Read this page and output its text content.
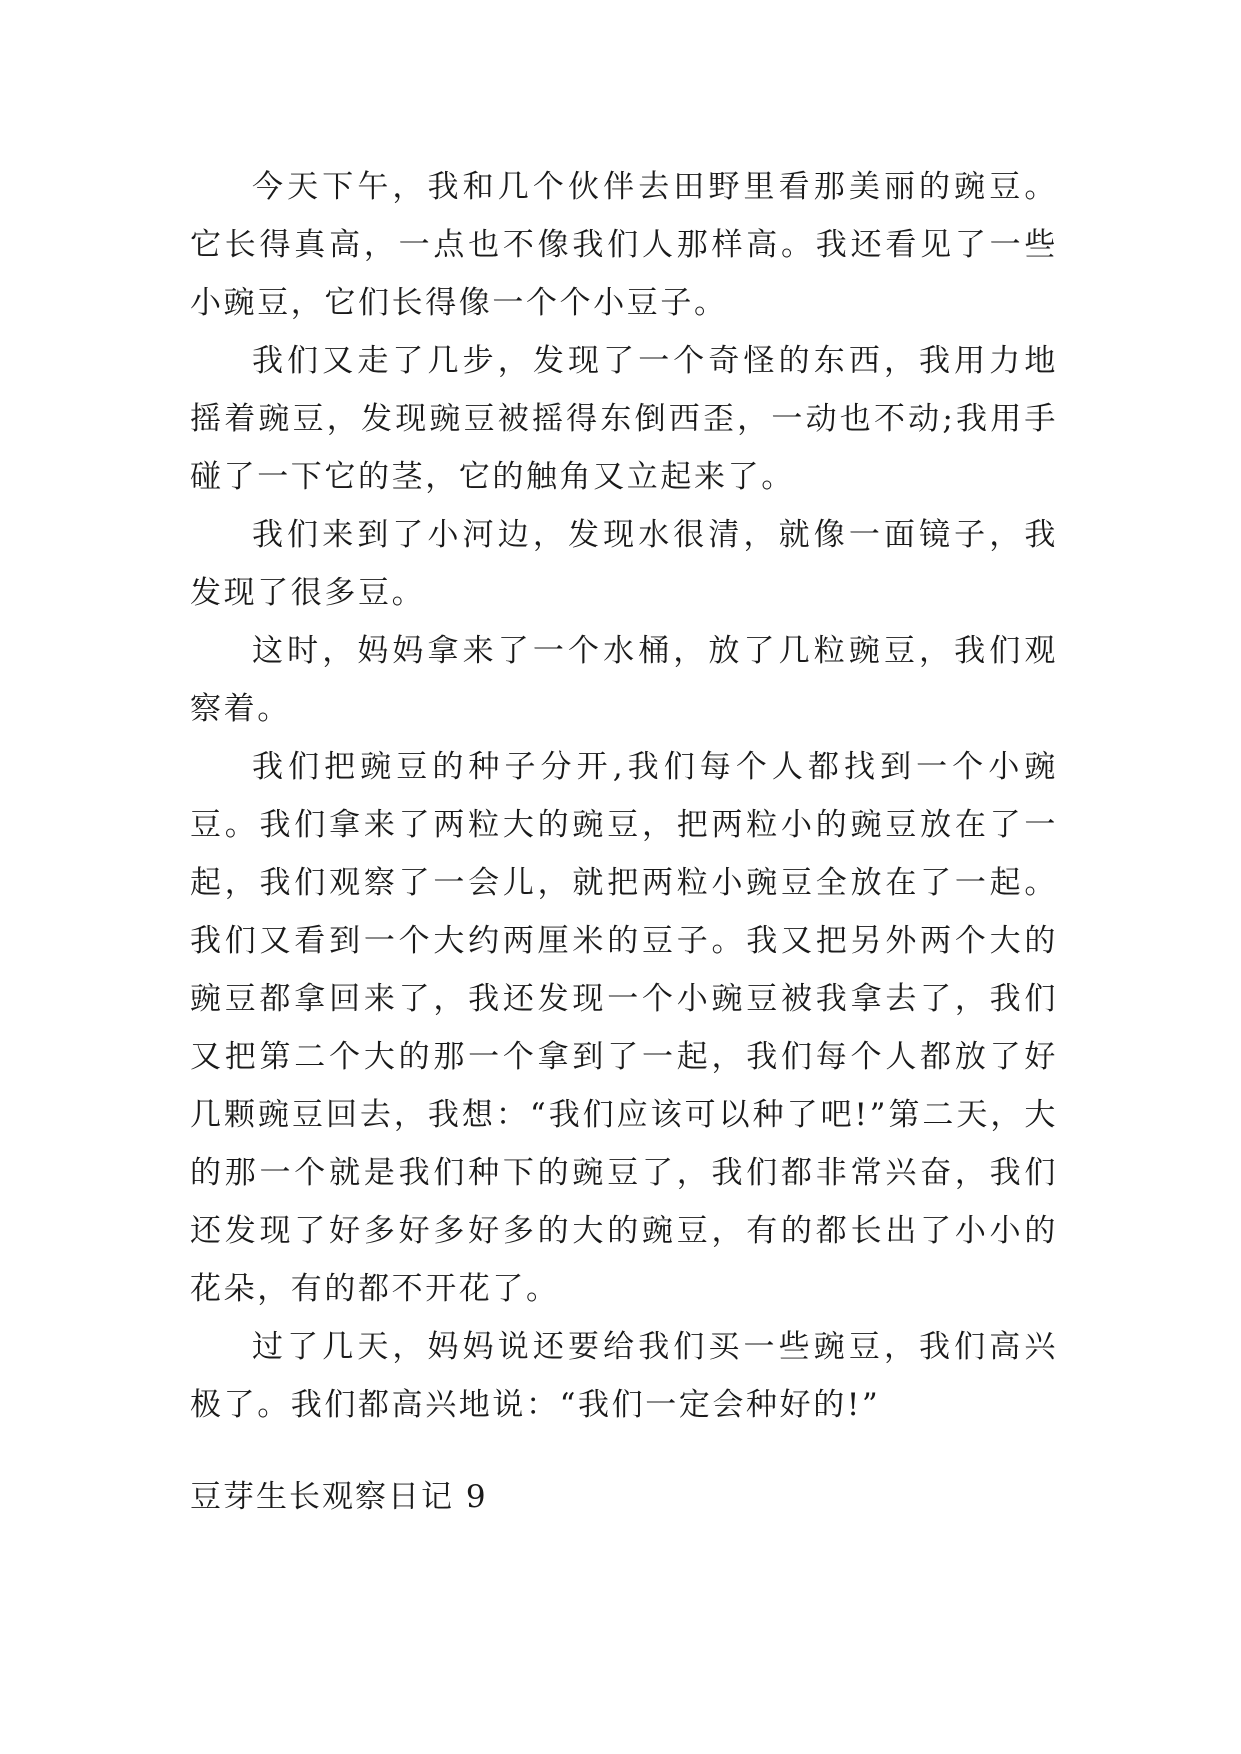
今天下午，我和几个伙伴去田野里看那美丽的豌豆。它长得真高，一点也不像我们人那样高。我还看见了一些小豌豆，它们长得像一个个小豆子。

我们又走了几步，发现了一个奇怪的东西，我用力地摇着豌豆，发现豌豆被摇得东倒西歪，一动也不动;我用手碰了一下它的茎，它的触角又立起来了。

我们来到了小河边，发现水很清，就像一面镜子，我发现了很多豆。

这时，妈妈拿来了一个水桶，放了几粒豌豆，我们观察着。

我们把豌豆的种子分开,我们每个人都找到一个小豌豆。我们拿来了两粒大的豌豆，把两粒小的豌豆放在了一起，我们观察了一会儿，就把两粒小豌豆全放在了一起。我们又看到一个大约两厘米的豆子。我又把另外两个大的豌豆都拿回来了，我还发现一个小豌豆被我拿去了，我们又把第二个大的那一个拿到了一起，我们每个人都放了好几颗豌豆回去，我想：“我们应该可以种了吧!”第二天，大的那一个就是我们种下的豌豆了，我们都非常兴奋，我们还发现了好多好多好多的大的豌豆，有的都长出了小小的花朵，有的都不开花了。

过了几天，妈妈说还要给我们买一些豌豆，我们高兴极了。我们都高兴地说：“我们一定会种好的!”

豆芽生长观察日记 9
